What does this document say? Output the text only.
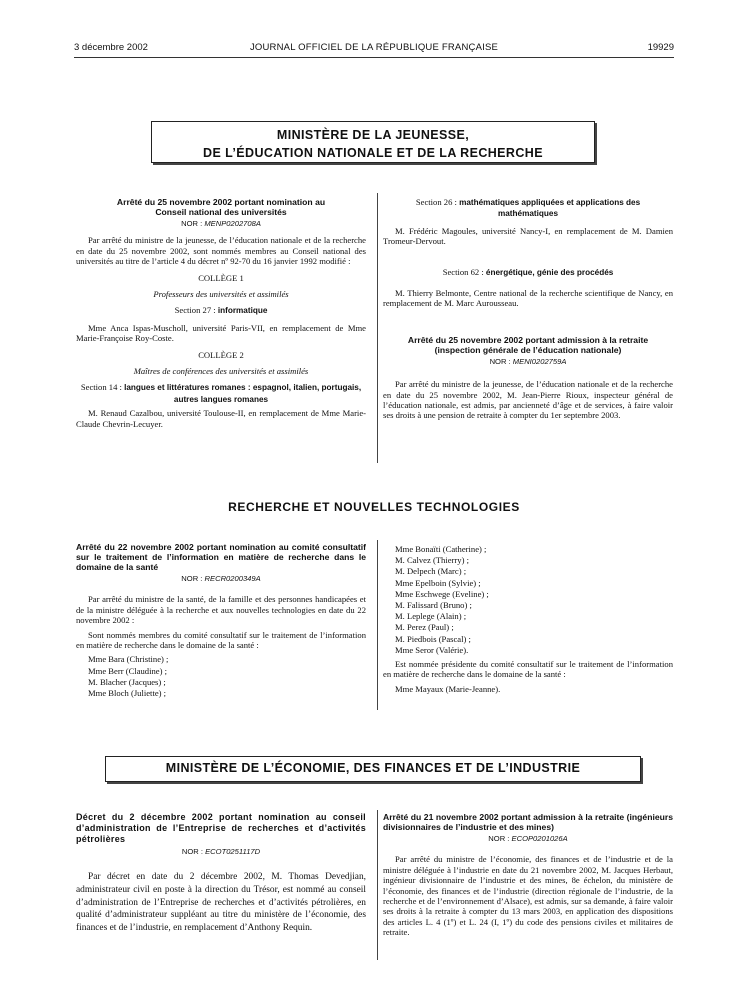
3 décembre 2002	JOURNAL OFFICIEL DE LA RÉPUBLIQUE FRANÇAISE	19929
MINISTÈRE DE LA JEUNESSE,
DE L’ÉDUCATION NATIONALE ET DE LA RECHERCHE
Arrêté du 25 novembre 2002 portant nomination au Conseil national des universités
NOR : MENP0202708A

Par arrêté du ministre de la jeunesse, de l’éducation nationale et de la recherche en date du 25 novembre 2002, sont nommés membres au Conseil national des universités au titre de l’article 4 du décret nº 92-70 du 16 janvier 1992 modifié :

COLLÈGE 1
Professeurs des universités et assimilés
Section 27 : informatique

Mme Anca Ispas-Muscholl, université Paris-VII, en remplacement de Mme Marie-Françoise Roy-Coste.

COLLÈGE 2
Maîtres de conférences des universités et assimilés
Section 14 : langues et littératures romanes : espagnol, italien, portugais, autres langues romanes

M. Renaud Cazalbou, université Toulouse-II, en remplacement de Mme Marie-Claude Chevrin-Lecuyer.

Section 26 : mathématiques appliquées et applications des mathématiques

M. Frédéric Magoules, université Nancy-I, en remplacement de M. Damien Tromeur-Dervout.

Section 62 : énergétique, génie des procédés

M. Thierry Belmonte, Centre national de la recherche scientifique de Nancy, en remplacement de M. Marc Aurousseau.

Arrêté du 25 novembre 2002 portant admission à la retraite (inspection générale de l’éducation nationale)
NOR : MENI0202759A

Par arrêté du ministre de la jeunesse, de l’éducation nationale et de la recherche en date du 25 novembre 2002, M. Jean-Pierre Rioux, inspecteur général de l’éducation nationale, est admis, par ancienneté d’âge et de services, à faire valoir ses droits à une pension de retraite à compter du 1er septembre 2003.

RECHERCHE ET NOUVELLES TECHNOLOGIES
Arrêté du 22 novembre 2002 portant nomination au comité consultatif sur le traitement de l’information en matière de recherche dans le domaine de la santé
NOR : RECR0200349A

Par arrêté du ministre de la santé, de la famille et des personnes handicapées et de la ministre déléguée à la recherche et aux nouvelles technologies en date du 22 novembre 2002 :

Sont nommés membres du comité consultatif sur le traitement de l’information en matière de recherche dans le domaine de la santé :

Mme Bara (Christine) ;
Mme Berr (Claudine) ;
M. Blacher (Jacques) ;
Mme Bloch (Juliette) ;
Mme Bonaïti (Catherine) ;
M. Calvez (Thierry) ;
M. Delpech (Marc) ;
Mme Epelboin (Sylvie) ;
Mme Eschwege (Eveline) ;
M. Falissard (Bruno) ;
M. Leplege (Alain) ;
M. Perez (Paul) ;
M. Piedbois (Pascal) ;
Mme Seror (Valérie).

Est nommée présidente du comité consultatif sur le traitement de l’information en matière de recherche dans le domaine de la santé :

Mme Mayaux (Marie-Jeanne).

MINISTÈRE DE L’ÉCONOMIE, DES FINANCES ET DE L’INDUSTRIE
Décret du 2 décembre 2002 portant nomination au conseil d’administration de l’Entreprise de recherches et d’activités pétrolières
NOR : ECOT0251117D

Par décret en date du 2 décembre 2002, M. Thomas Devedjian, administrateur civil en poste à la direction du Trésor, est nommé au conseil d’administration de l’Entreprise de recherches et d’activités pétrolières, en qualité d’administrateur suppléant au titre du ministère de l’économie, des finances et de l’industrie, en remplacement d’Anthony Requin.

Arrêté du 21 novembre 2002 portant admission à la retraite (ingénieurs divisionnaires de l’industrie et des mines)
NOR : ECOP0201026A

Par arrêté du ministre de l’économie, des finances et de l’industrie et de la ministre déléguée à l’industrie en date du 21 novembre 2002, M. Jacques Herbaut, ingénieur divisionnaire de l’industrie et des mines, 8e échelon, du ministère de l’économie, des finances et de l’industrie (direction régionale de l’industrie, de la recherche et de l’environnement d’Alsace), est admis, sur sa demande, à faire valoir ses droits à la retraite à compter du 13 mars 2003, en application des dispositions des articles L. 4 (1º) et L. 24 (I, 1º) du code des pensions civiles et militaires de retraite.
